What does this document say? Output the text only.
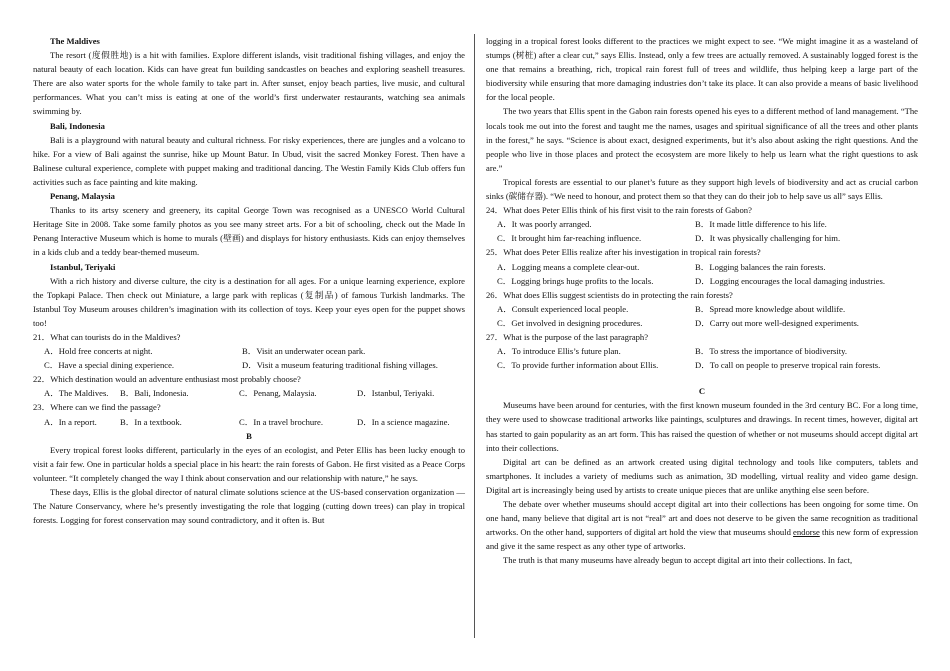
The Maldives

The resort (度假胜地) is a hit with families. Explore different islands, visit traditional fishing villages, and enjoy the natural beauty of each location. Kids can have great fun building sandcastles on beaches and exploring seashell treasures. There are also water sports for the whole family to take part in. After sunset, enjoy beach parties, live music, and cultural performances. What you can’t miss is eating at one of the world’s first underwater restaurants, watching sea animals swimming by.

Bali, Indonesia

Bali is a playground with natural beauty and cultural richness. For risky experiences, there are jungles and a volcano to hike. For a view of Bali against the sunrise, hike up Mount Batur. In Ubud, visit the sacred Monkey Forest. Then have a Balinese cultural experience, complete with puppet making and traditional dancing. The Westin Family Kids Club offers fun activities such as face painting and kite making.

Penang, Malaysia

Thanks to its artsy scenery and greenery, its capital George Town was recognised as a UNESCO World Cultural Heritage Site in 2008. Take some family photos as you see many street arts. For a bit of schooling, check out the Made In Penang Interactive Museum which is home to murals (壁画) and displays for history enthusiasts. Kids can enjoy themselves in a kids club and a teddy bear-themed museum.

Istanbul, Teriyaki

With a rich history and diverse culture, the city is a destination for all ages. For a unique learning experience, explore the Topkapi Palace. Then check out Miniature, a large park with replicas (复制品) of famous Turkish landmarks. The Istanbul Toy Museum arouses children’s imagination with its collection of toys. Keep your eyes open for the puppet shows too!

21．What can tourists do in the Maldives?

A．Hold free concerts at night.	B．Visit an underwater ocean park.
C．Have a special dining experience.	D．Visit a museum featuring traditional fishing villages.

22．Which destination would an adventure enthusiast most probably choose?

A．The Maldives.	B．Bali, Indonesia.	C．Penang, Malaysia.	D．Istanbul, Teriyaki.

23．Where can we find the passage?

A．In a report.	B．In a textbook.	C．In a travel brochure.	D．In a science magazine.

B

Every tropical forest looks different, particularly in the eyes of an ecologist, and Peter Ellis has been lucky enough to visit a fair few. One in particular holds a special place in his heart: the rain forests of Gabon. He first visited as a Peace Corps volunteer. “It completely changed the way I think about conservation and our relationship with nature,” he says.

These days, Ellis is the global director of natural climate solutions science at the US-based conservation organization — The Nature Conservancy, where he’s presently investigating the role that logging (cutting down trees) can play in tropical forests. Logging for forest conservation may sound contradictory, and it often is. But

logging in a tropical forest looks different to the practices we might expect to see. “We might imagine it as a wasteland of stumps (树桩) after a clear cut,” says Ellis. Instead, only a few trees are actually removed. A sustainably logged forest is the one that remains a breathing, rich, tropical rain forest full of trees and wildlife, thus helping keep a large part of the biodiversity while ensuring that more damaging industries don’t take its place. It can also provide a means of basic livelihood for the local people.

The two years that Ellis spent in the Gabon rain forests opened his eyes to a different method of land management. “The locals took me out into the forest and taught me the names, usages and spiritual significance of all the trees and other plants in the forest,” he says. “Science is about exact, designed experiments, but it’s also about asking the right questions. And the people who live in those places and protect the ecosystem are more likely to help us learn what the right questions to ask are.”

Tropical forests are essential to our planet’s future as they support high levels of biodiversity and act as crucial carbon sinks (碳储存器). “We need to honour, and protect them so that they can do their job to help save us all” says Ellis.

24．What does Peter Ellis think of his first visit to the rain forests of Gabon?

A．It was poorly arranged.	B．It made little difference to his life.
C．It brought him far-reaching influence.	D．It was physically challenging for him.

25．What does Peter Ellis realize after his investigation in tropical rain forests?

A．Logging means a complete clear-out.	B．Logging balances the rain forests.
C．Logging brings huge profits to the locals.	D．Logging encourages the local damaging industries.

26．What does Ellis suggest scientists do in protecting the rain forests?

A．Consult experienced local people.	B．Spread more knowledge about wildlife.
C．Get involved in designing procedures.	D．Carry out more well-designed experiments.

27．What is the purpose of the last paragraph?

A．To introduce Ellis’s future plan.	B．To stress the importance of biodiversity.
C．To provide further information about Ellis.	D．To call on people to preserve tropical rain forests.

C

Museums have been around for centuries, with the first known museum founded in the 3rd century BC. For a long time, they were used to showcase traditional artworks like paintings, sculptures and drawings. In recent times, however, digital art has started to gain popularity as an art form. This has raised the question of whether or not museums should accept digital art into their collections.

Digital art can be defined as an artwork created using digital technology and tools like computers, tablets and smartphones. It includes a variety of mediums such as animation, 3D modelling, virtual reality and video game design. Digital art is increasingly being used by artists to create unique pieces that are unlike anything else seen before.

The debate over whether museums should accept digital art into their collections has been ongoing for some time. On one hand, many believe that digital art is not “real” art and does not deserve to be given the same recognition as traditional artworks. On the other hand, supporters of digital art hold the view that museums should endorse this new form of expression and give it the same respect as any other type of artworks.

The truth is that many museums have already begun to accept digital art into their collections. In fact,
